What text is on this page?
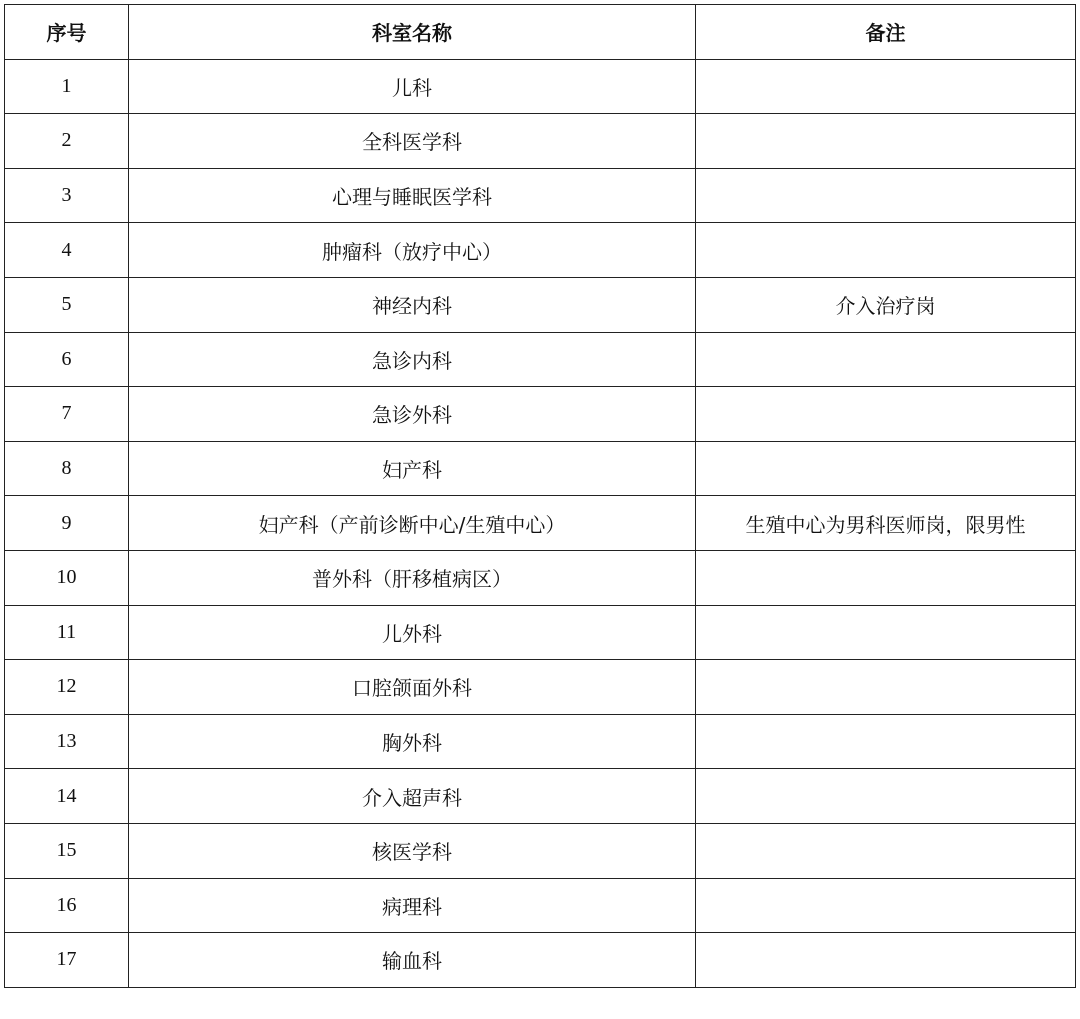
序号	科室名称	备注
1	儿科	
2	全科医学科	
3	心理与睡眠医学科	
4	肿瘤科（放疗中心）	
5	神经内科	介入治疗岗
6	急诊内科	
7	急诊外科	
8	妇产科	
9	妇产科（产前诊断中心/生殖中心）	生殖中心为男科医师岗，限男性
10	普外科（肝移植病区）	
11	儿外科	
12	口腔颌面外科	
13	胸外科	
14	介入超声科	
15	核医学科	
16	病理科	
17	输血科	
